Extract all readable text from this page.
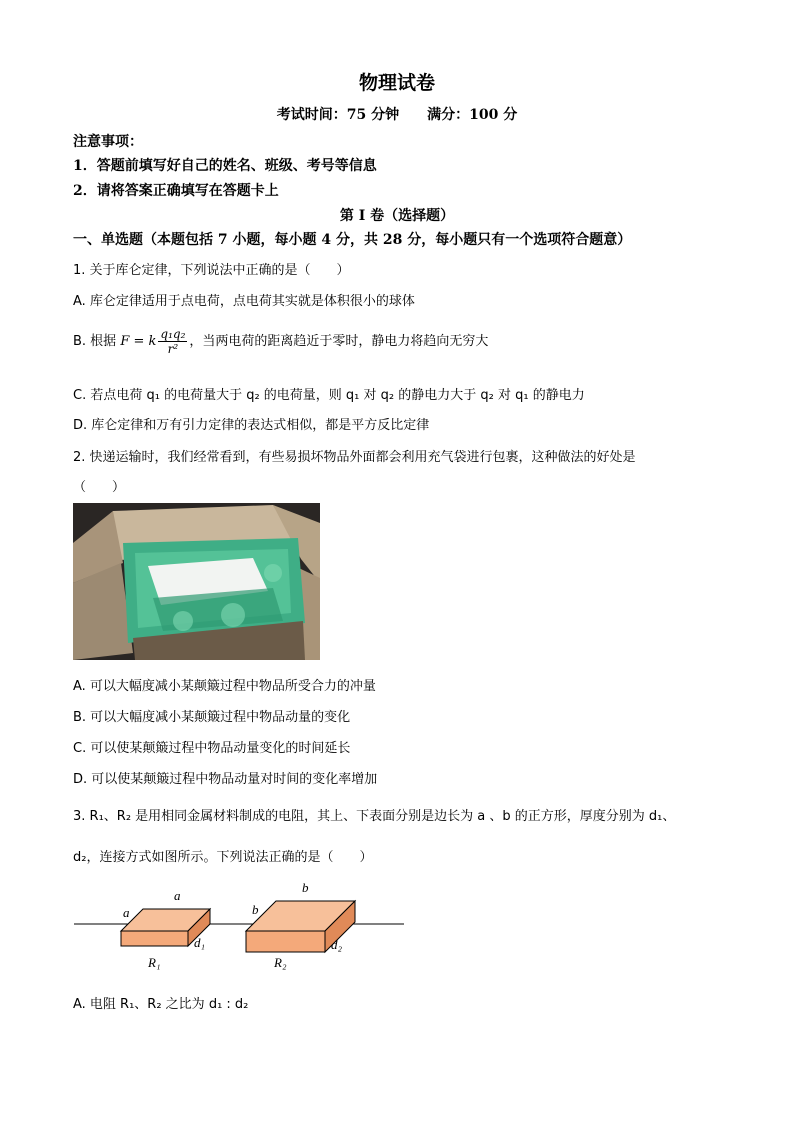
物理试卷
考试时间：75 分钟 满分：100 分
注意事项：
1．答题前填写好自己的姓名、班级、考号等信息
2．请将答案正确填写在答题卡上
第 I 卷（选择题）
一、单选题（本题包括 7 小题，每小题 4 分，共 28 分，每小题只有一个选项符合题意）
1. 关于库仑定律，下列说法中正确的是（　　）
A. 库仑定律适用于点电荷，点电荷其实就是体积很小的球体
B. 根据 F = k $\frac{\text{q₁q₂}}{\text{r²}}$ ，当两电荷的距离趋近于零时，静电力将趋向无穷大
C. 若点电荷 q₁ 的电荷量大于 q₂ 的电荷量，则 q₁ 对 q₂ 的静电力大于 q₂ 对 q₁ 的静电力
D. 库仑定律和万有引力定律的表达式相似，都是平方反比定律
2. 快递运输时，我们经常看到，有些易损坏物品外面都会利用充气袋进行包裹，这种做法的好处是
（　　）
A. 可以大幅度减小某颠簸过程中物品所受合力的冲量
B. 可以大幅度减小某颠簸过程中物品动量的变化
C. 可以使某颠簸过程中物品动量变化的时间延长
D. 可以使某颠簸过程中物品动量对时间的变化率增加
3. R₁、R₂ 是用相同金属材料制成的电阻，其上、下表面分别是边长为 a 、b 的正方形，厚度分别为 d₁、
d₂，连接方式如图所示。下列说法正确的是（　　）
a
a
d₁
R₁
b
b
d₂
R₂
A. 电阻 R₁、R₂ 之比为 d₁ : d₂
